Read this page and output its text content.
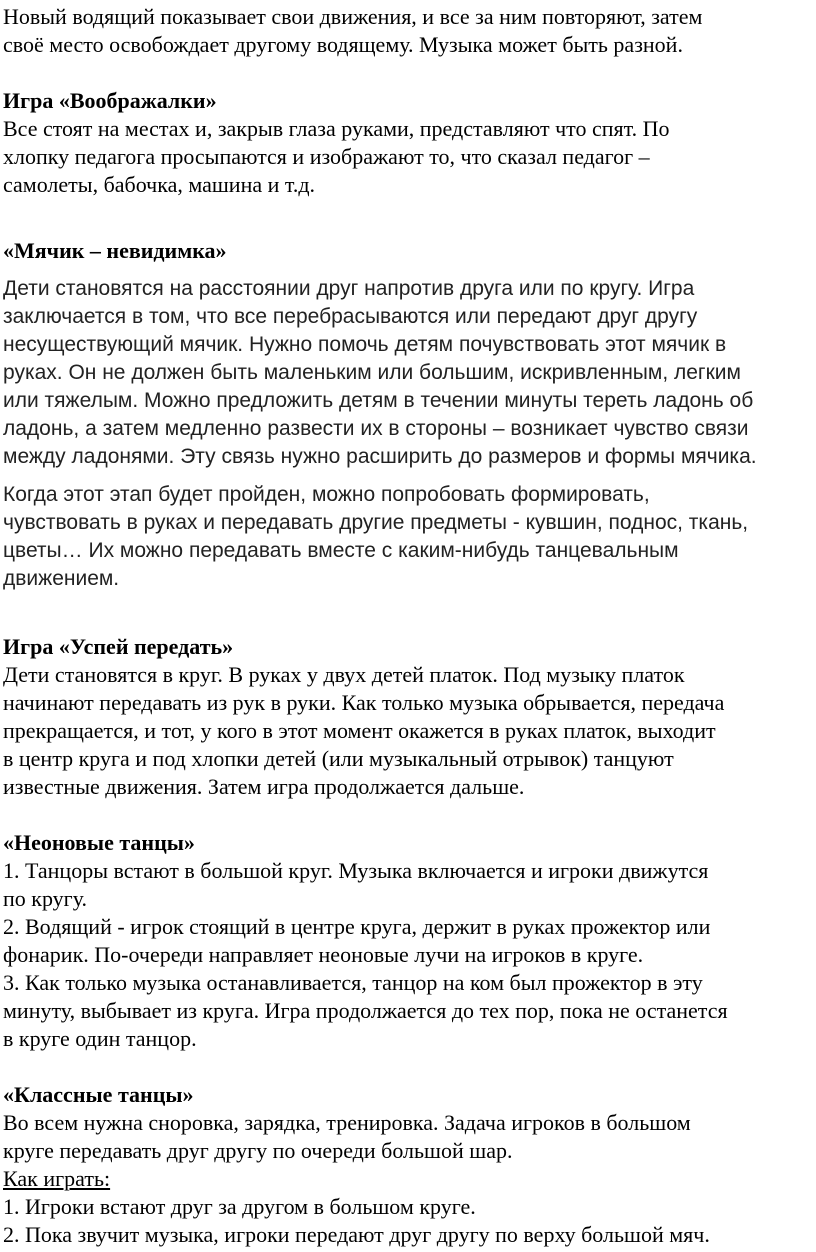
Новый водящий показывает свои движения, и все за ним повторяют, затем

своё место освобождает другому водящему. Музыка может быть разной.

Игра «Воображалки»

Все стоят на местах и, закрыв глаза руками, представляют что спят. По

хлопку педагога просыпаются и изображают то, что сказал педагог –

самолеты, бабочка, машина и т.д.

«Мячик – невидимка»

Дети становятся на расстоянии друг напротив друга или по кругу. Игра

заключается в том, что все перебрасываются или передают друг другу

несуществующий мячик. Нужно помочь детям почувствовать этот мячик в

руках. Он не должен быть маленьким или большим, искривленным, легким

или тяжелым. Можно предложить детям в течении минуты тереть ладонь об

ладонь, а затем медленно развести их в стороны – возникает чувство связи

между ладонями. Эту связь нужно расширить до размеров и формы мячика.

Когда этот этап будет пройден, можно попробовать формировать,

чувствовать в руках и передавать другие предметы - кувшин, поднос, ткань,

цветы… Их можно передавать вместе с каким-нибудь танцевальным

движением.

Игра «Успей передать»

Дети становятся в круг. В руках у двух детей платок. Под музыку платок

начинают передавать из рук в руки. Как только музыка обрывается, передача

прекращается, и тот, у кого в этот момент окажется в руках платок, выходит

в центр круга и под хлопки детей (или музыкальный отрывок) танцуют

известные движения. Затем игра продолжается дальше.

«Неоновые танцы»

1. Танцоры встают в большой круг. Музыка включается и игроки движутся

по кругу.

2. Водящий - игрок стоящий в центре круга, держит в руках прожектор или

фонарик. По-очереди направляет неоновые лучи на игроков в круге.

3. Как только музыка останавливается, танцор на ком был прожектор в эту

минуту, выбывает из круга. Игра продолжается до тех пор, пока не останется

в круге один танцор.

«Классные танцы»

Во всем нужна сноровка, зарядка, тренировка. Задача игроков в большом

круге передавать друг другу по очереди большой шар.

Как играть:

1. Игроки встают друг за другом в большом круге.

2. Пока звучит музыка, игроки передают друг другу по верху большой мяч.
